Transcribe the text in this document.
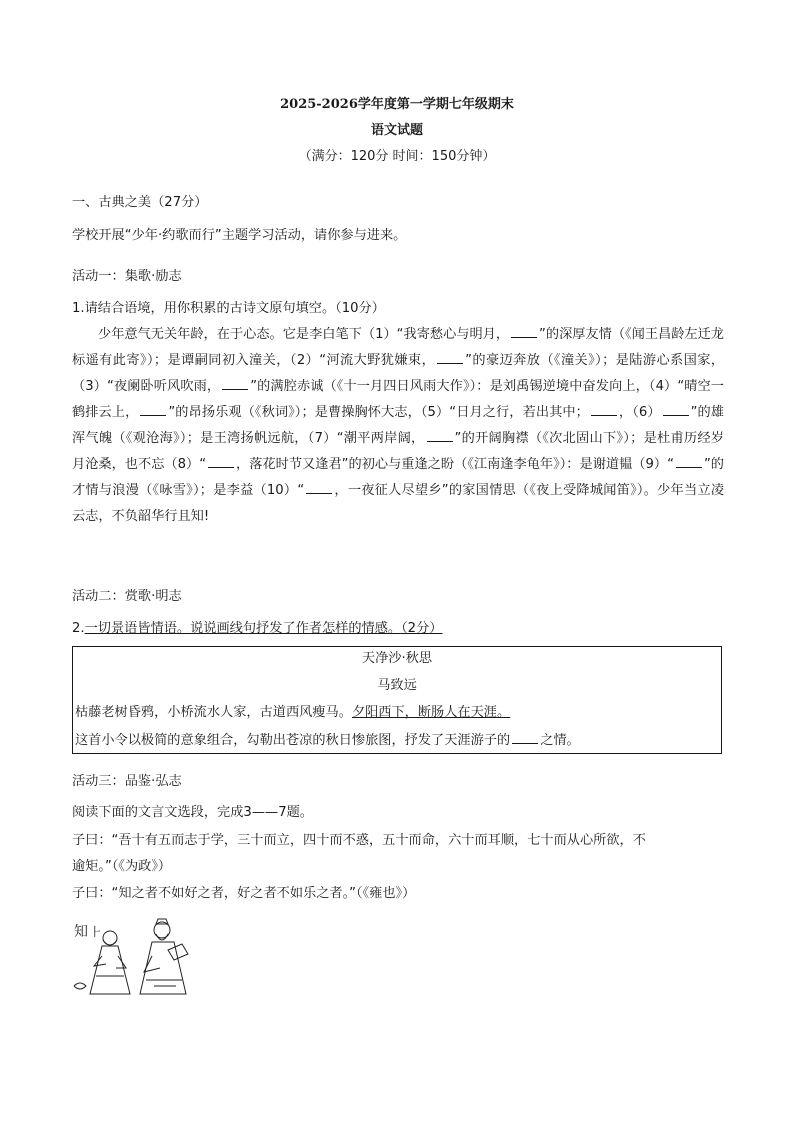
2025-2026学年度第一学期七年级期末
语文试题
（满分：120分 时间：150分钟）
一、古典之美（27分）
学校开展“少年·约歌而行”主题学习活动，请你参与进来。
活动一：集歌·励志
1.请结合语境，用你积累的古诗文原句填空。（10分）
少年意气无关年龄，在于心态。它是李白笔下（1）“我寄愁心与明月， ”的深厚友情（《闻王昌龄左迁龙标遥有此寄》）；是谭嗣同初入潼关，（2）“河流大野犹嫌束， ”的豪迈奔放（《潼关》）；是陆游心系国家，（3）“夜阑卧听风吹雨， ”的满腔赤诚（《十一月四日风雨大作》）：是刘禹锡逆境中奋发向上，（4）“晴空一鹤排云上， ”的昂扬乐观（《秋词》）；是曹操胸怀大志，（5）“日月之行，若出其中； ，（6） ”的雄浑气魄（《观沧海》）；是王湾扬帆远航，（7）“潮平两岸阔， ”的开阔胸襟（《次北固山下》）；是杜甫历经岁月沧桑，也不忘（8）“ ，落花时节又逢君”的初心与重逢之盼（《江南逢李龟年》）：是谢道韫（9）“ ”的才情与浪漫（《咏雪》）；是李益（10）“ ，一夜征人尽望乡”的家国情思（《夜上受降城闻笛》）。少年当立凌云志，不负韶华行且知!
活动二：赏歌·明志
2.一切景语皆情语。说说画线句抒发了作者怎样的情感。（2分）
天净沙·秋思
马致远
枯藤老树昏鸦，小桥流水人家，古道西风瘦马。夕阳西下，断肠人在天涯。
这首小令以极简的意象组合，勾勒出苍凉的秋日惨旅图，抒发了天涯游子的 之情。
活动三：品鉴·弘志
阅读下面的文言文选段，完成3——7题。
子曰：“吾十有五而志于学，三十而立，四十而不惑，五十而命，六十而耳顺，七十而从心所欲，不
逾矩。”（《为政》）
子曰：“知之者不如好之者，好之者不如乐之者。”（《雍也》）
知 ⺊
